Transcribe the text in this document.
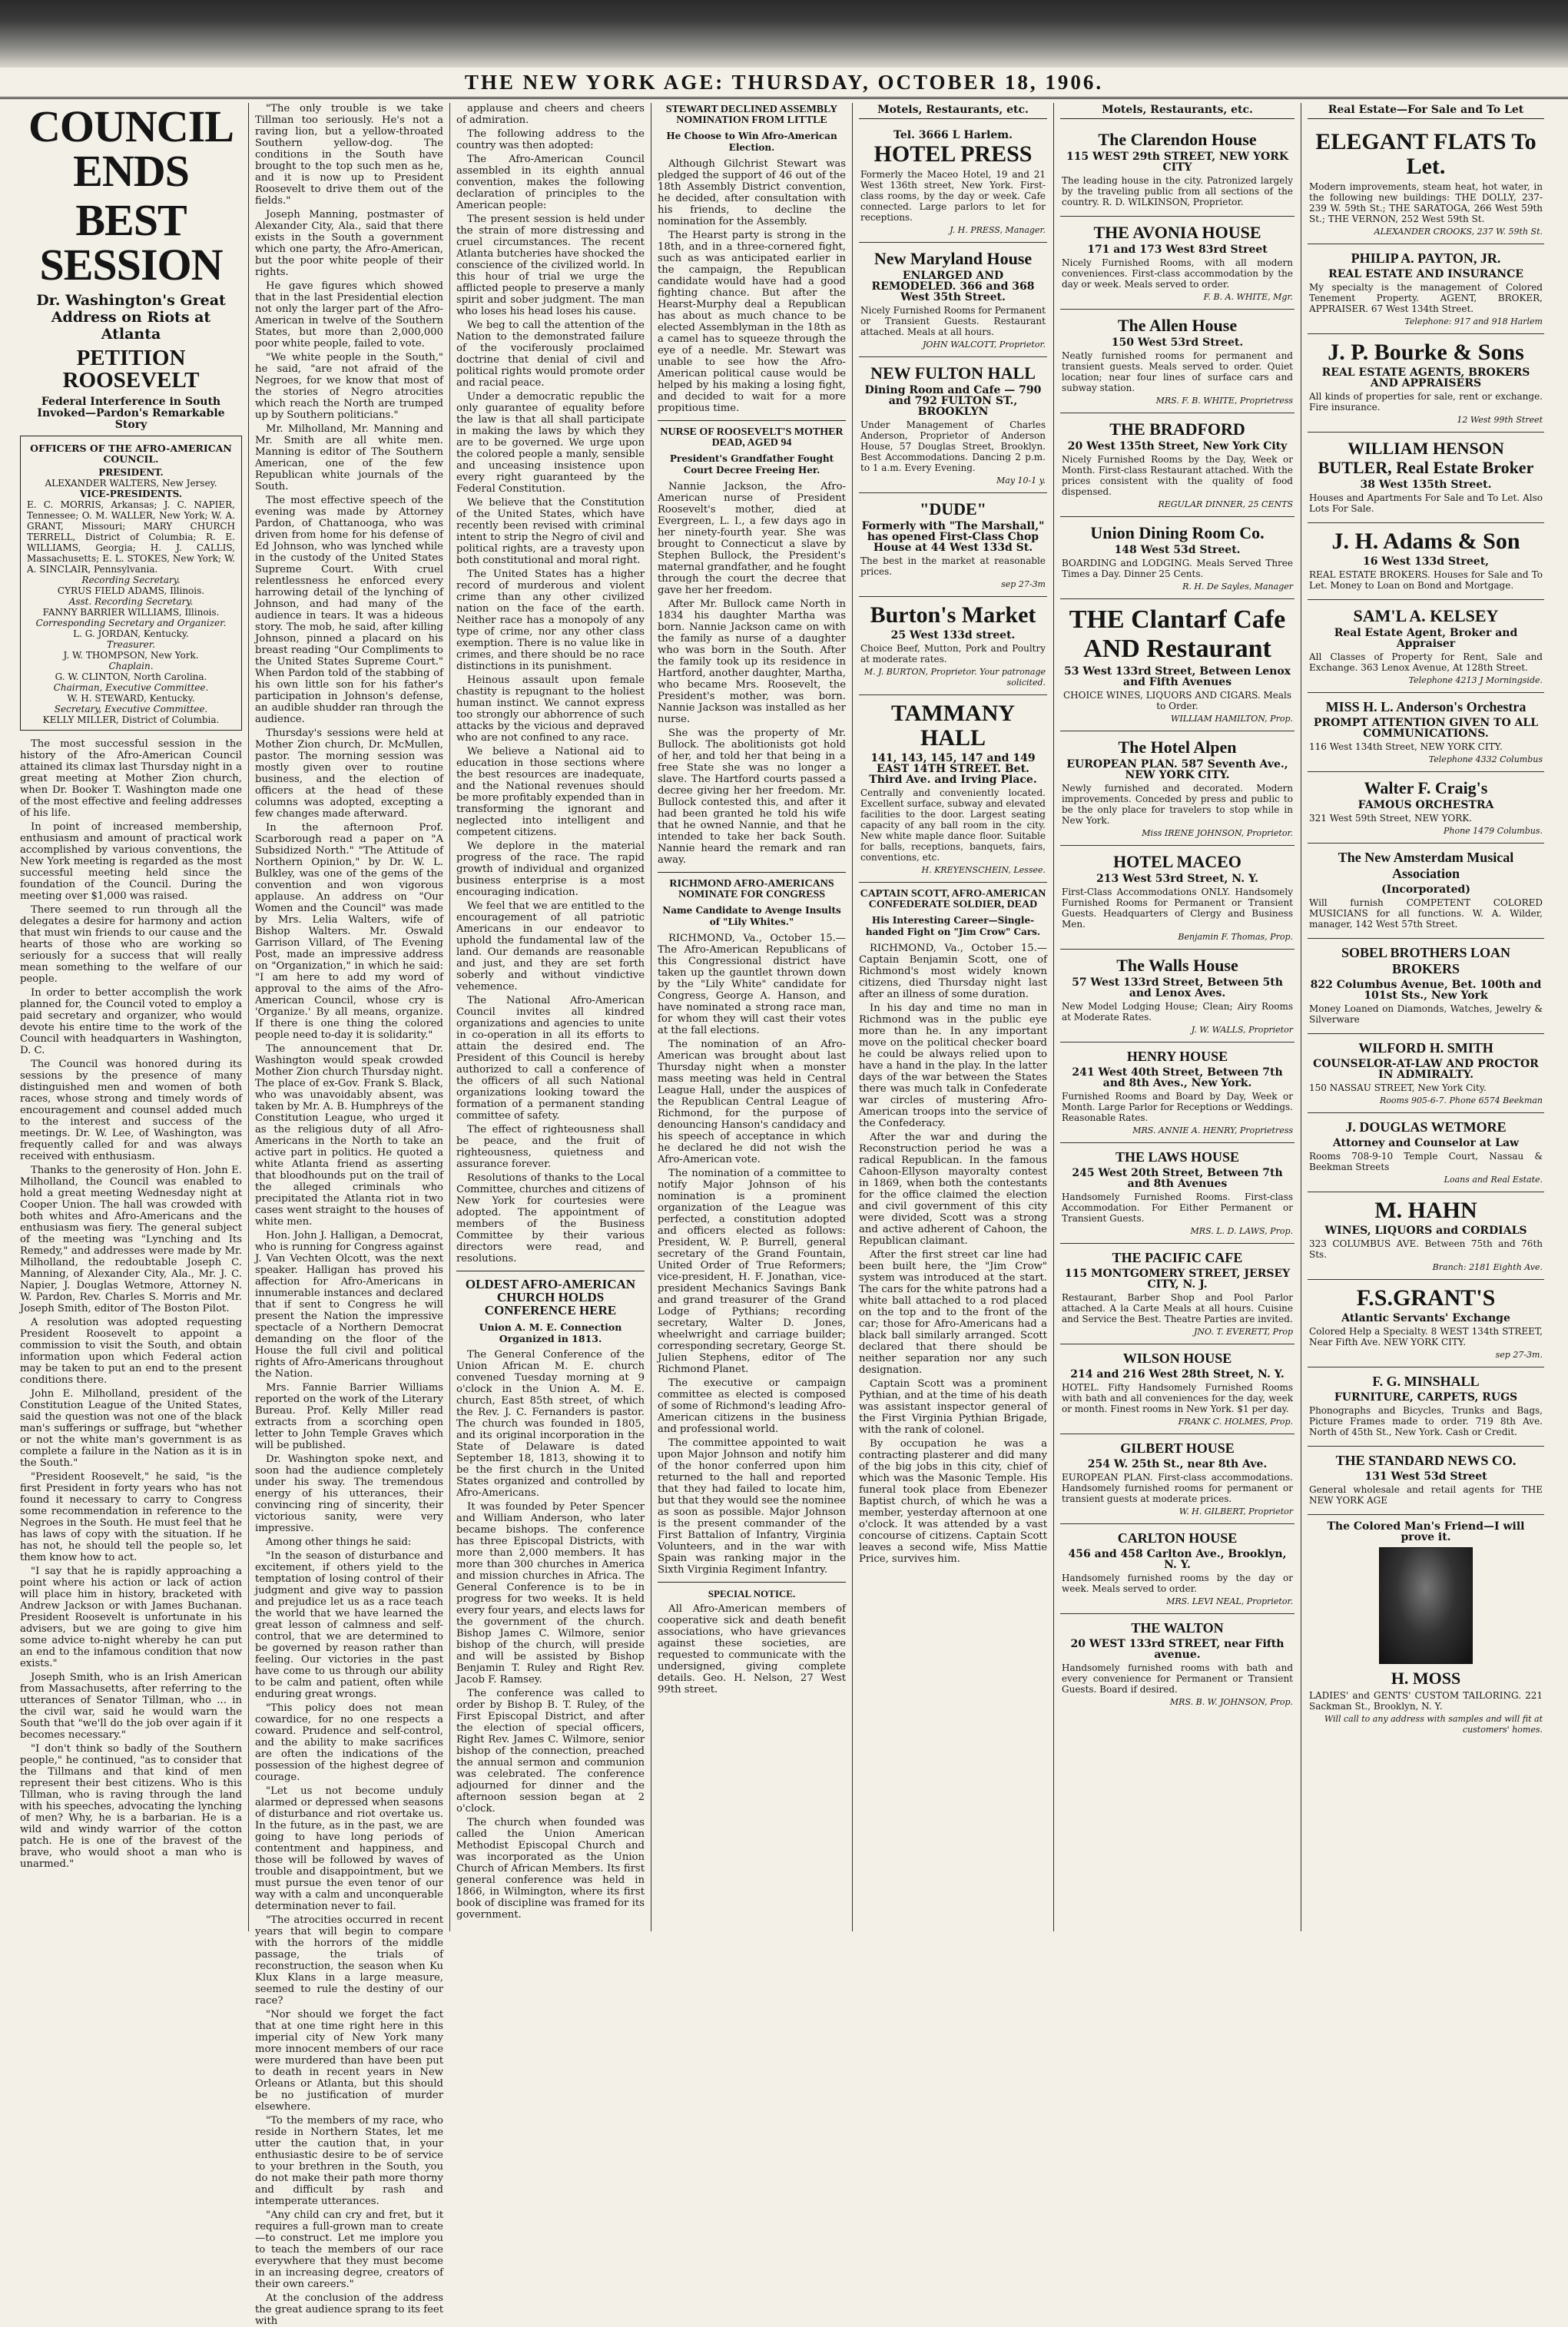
THE NEW YORK AGE: THURSDAY, OCTOBER 18, 1906.
COUNCIL ENDS
BEST SESSION
Dr. Washington's Great Address on Riots at Atlanta
PETITION ROOSEVELT
Federal Interference in South Invoked—Pardon's Remarkable Story
OFFICERS OF THE AFRO-AMERICAN COUNCIL.
PRESIDENT.
ALEXANDER WALTERS, New Jersey.
VICE-PRESIDENTS.
E. C. MORRIS, Arkansas; J. C. NAPIER, Tennessee; O. M. WALLER, New York; W. A. GRANT, Missouri; MARY CHURCH TERRELL, District of Columbia; R. E. WILLIAMS, Georgia; H. J. CALLIS, Massachusetts; E. L. STOKES, New York; W. A. SINCLAIR, Pennsylvania.
Recording Secretary.
CYRUS FIELD ADAMS, Illinois.
Asst. Recording Secretary.
FANNY BARRIER WILLIAMS, Illinois.
Corresponding Secretary and Organizer.
L. G. JORDAN, Kentucky.
Treasurer.
J. W. THOMPSON, New York.
Chaplain.
G. W. CLINTON, North Carolina.
Chairman, Executive Committee.
W. H. STEWARD, Kentucky.
Secretary, Executive Committee.
KELLY MILLER, District of Columbia.

The most successful session in the history of the Afro-American Council attained its climax last Thursday night in a great meeting at Mother Zion church, when Dr. Booker T. Washington made one of the most effective and feeling addresses of his life.

In point of increased membership, enthusiasm and amount of practical work accomplished by various conventions, the New York meeting is regarded as the most successful meeting held since the foundation of the Council. During the meeting over $1,000 was raised.

There seemed to run through all the delegates a desire for harmony and action that must win friends to our cause and the hearts of those who are working so seriously for a success that will really mean something to the welfare of our people.

In order to better accomplish the work planned for, the Council voted to employ a paid secretary and organizer, who would devote his entire time to the work of the Council with headquarters in Washington, D. C.

The Council was honored during its sessions by the presence of many distinguished men and women of both races, whose strong and timely words of encouragement and counsel added much to the interest and success of the meetings. Dr. W. Lee, of Washington, was frequently called for and was always received with enthusiasm.

Thanks to the generosity of Hon. John E. Milholland, the Council was enabled to hold a great meeting Wednesday night at Cooper Union. The hall was crowded with both whites and Afro-Americans and the enthusiasm was fiery. The general subject of the meeting was "Lynching and Its Remedy," and addresses were made by Mr. Milholland, the redoubtable Joseph C. Manning, of Alexander City, Ala., Mr. J. C. Napier, J. Douglas Wetmore, Attorney N. W. Pardon, Rev. Charles S. Morris and Mr. Joseph Smith, editor of The Boston Pilot.

A resolution was adopted requesting President Roosevelt to appoint a commission to visit the South, and obtain information upon which Federal action may be taken to put an end to the present conditions there.

John E. Milholland, president of the Constitution League of the United States, said the question was not one of the black man's sufferings or suffrage, but "whether or not the white man's government is as complete a failure in the Nation as it is in the South."

"President Roosevelt," he said, "is the first President in forty years who has not found it necessary to carry to Congress some recommendation in reference to the Negroes in the South. He must feel that he has laws of copy with the situation. If he has not, he should tell the people so, let them know how to act.

"I say that he is rapidly approaching a point where his action or lack of action will place him in history, bracketed with Andrew Jackson or with James Buchanan. President Roosevelt is unfortunate in his advisers, but we are going to give him some advice to-night whereby he can put an end to the infamous condition that now exists."

Joseph Smith, who is an Irish American from Massachusetts, after referring to the utterances of Senator Tillman, who ... in the civil war, said he would warn the South that "we'll do the job over again if it becomes necessary."

"I don't think so badly of the Southern people," he continued, "as to consider that the Tillmans and that kind of men represent their best citizens. Who is this Tillman, who is raving through the land with his speeches, advocating the lynching of men? Why, he is a barbarian. He is a wild and windy warrior of the cotton patch. He is one of the bravest of the brave, who would shoot a man who is unarmed."

"The only trouble is we take Tillman too seriously. He's not a raving lion, but a yellow-throated Southern yellow-dog. The conditions in the South have brought to the top such men as he, and it is now up to President Roosevelt to drive them out of the fields."

Joseph Manning, postmaster of Alexander City, Ala., said that there exists in the South a government which one party, the Afro-American, but the poor white people of their rights.

He gave figures which showed that in the last Presidential election not only the larger part of the Afro-American in twelve of the Southern States, but more than 2,000,000 poor white people, failed to vote.

"We white people in the South," he said, "are not afraid of the Negroes, for we know that most of the stories of Negro atrocities which reach the North are trumped up by Southern politicians."

Mr. Milholland, Mr. Manning and Mr. Smith are all white men. Manning is editor of The Southern American, one of the few Republican white journals of the South.

The most effective speech of the evening was made by Attorney Pardon, of Chattanooga, who was driven from home for his defense of Ed Johnson, who was lynched while in the custody of the United States Supreme Court. With cruel relentlessness he enforced every harrowing detail of the lynching of Johnson, and had many of the audience in tears. It was a hideous story. The mob, he said, after killing Johnson, pinned a placard on his breast reading "Our Compliments to the United States Supreme Court." When Pardon told of the stabbing of his own little son for his father's participation in Johnson's defense, an audible shudder ran through the audience.

Thursday's sessions were held at Mother Zion church, Dr. McMullen, pastor. The morning session was mostly given over to routine business, and the election of officers at the head of these columns was adopted, excepting a few changes made afterward.

In the afternoon Prof. Scarborough read a paper on "A Subsidized North." "The Attitude of Northern Opinion," by Dr. W. L. Bulkley, was one of the gems of the convention and won vigorous applause. An address on "Our Women and the Council" was made by Mrs. Lelia Walters, wife of Bishop Walters. Mr. Oswald Garrison Villard, of The Evening Post, made an impressive address on "Organization," in which he said: "I am here to add my word of approval to the aims of the Afro-American Council, whose cry is 'Organize.' By all means, organize. If there is one thing the colored people need to-day it is solidarity."

The announcement that Dr. Washington would speak crowded Mother Zion church Thursday night. The place of ex-Gov. Frank S. Black, who was unavoidably absent, was taken by Mr. A. B. Humphreys of the Constitution League, who urged it as the religious duty of all Afro-Americans in the North to take an active part in politics. He quoted a white Atlanta friend as asserting that bloodhounds put on the trail of the alleged criminals who precipitated the Atlanta riot in two cases went straight to the houses of white men.

Hon. John J. Halligan, a Democrat, who is running for Congress against J. Van Vechten Olcott, was the next speaker. Halligan has proved his affection for Afro-Americans in innumerable instances and declared that if sent to Congress he will present the Nation the impressive spectacle of a Northern Democrat demanding on the floor of the House the full civil and political rights of Afro-Americans throughout the Nation.

Mrs. Fannie Barrier Williams reported on the work of the Literary Bureau. Prof. Kelly Miller read extracts from a scorching open letter to John Temple Graves which will be published.

Dr. Washington spoke next, and soon had the audience completely under his sway. The tremendous energy of his utterances, their convincing ring of sincerity, their victorious sanity, were very impressive.

Among other things he said:

"In the season of disturbance and excitement, if others yield to the temptation of losing control of their judgment and give way to passion and prejudice let us as a race teach the world that we have learned the great lesson of calmness and self-control, that we are determined to be governed by reason rather than feeling. Our victories in the past have come to us through our ability to be calm and patient, often while enduring great wrongs.

"This policy does not mean cowardice, for no one respects a coward. Prudence and self-control, and the ability to make sacrifices are often the indications of the possession of the highest degree of courage.

"Let us not become unduly alarmed or depressed when seasons of disturbance and riot overtake us. In the future, as in the past, we are going to have long periods of contentment and happiness, and those will be followed by waves of trouble and disappointment, but we must pursue the even tenor of our way with a calm and unconquerable determination never to fail.

"The atrocities occurred in recent years that will begin to compare with the horrors of the middle passage, the trials of reconstruction, the season when Ku Klux Klans in a large measure, seemed to rule the destiny of our race?

"Nor should we forget the fact that at one time right here in this imperial city of New York many more innocent members of our race were murdered than have been put to death in recent years in New Orleans or Atlanta, but this should be no justification of murder elsewhere.

"To the members of my race, who reside in Northern States, let me utter the caution that, in your enthusiastic desire to be of service to your brethren in the South, you do not make their path more thorny and difficult by rash and intemperate utterances.

"Any child can cry and fret, but it requires a full-grown man to create—to construct. Let me implore you to teach the members of our race everywhere that they must become in an increasing degree, creators of their own careers."

At the conclusion of the address the great audience sprang to its feet with

applause and cheers and cheers of admiration.

The following address to the country was then adopted:

The Afro-American Council assembled in its eighth annual convention, makes the following declaration of principles to the American people:

The present session is held under the strain of more distressing and cruel circumstances. The recent Atlanta butcheries have shocked the conscience of the civilized world. In this hour of trial we urge the afflicted people to preserve a manly spirit and sober judgment. The man who loses his head loses his cause.

We beg to call the attention of the Nation to the demonstrated failure of the vociferously proclaimed doctrine that denial of civil and political rights would promote order and racial peace.

Under a democratic republic the only guarantee of equality before the law is that all shall participate in making the laws by which they are to be governed. We urge upon the colored people a manly, sensible and unceasing insistence upon every right guaranteed by the Federal Constitution.

We believe that the Constitution of the United States, which have recently been revised with criminal intent to strip the Negro of civil and political rights, are a travesty upon both constitutional and moral right.

The United States has a higher record of murderous and violent crime than any other civilized nation on the face of the earth. Neither race has a monopoly of any type of crime, nor any other class exemption. There is no value like in crimes, and there should be no race distinctions in its punishment.

Heinous assault upon female chastity is repugnant to the holiest human instinct. We cannot express too strongly our abhorrence of such attacks by the vicious and depraved who are not confined to any race.

We believe a National aid to education in those sections where the best resources are inadequate, and the National revenues should be more profitably expended than in transforming the ignorant and neglected into intelligent and competent citizens.

We deplore in the material progress of the race. The rapid growth of individual and organized business enterprise is a most encouraging indication.

We feel that we are entitled to the encouragement of all patriotic Americans in our endeavor to uphold the fundamental law of the land. Our demands are reasonable and just, and they are set forth soberly and without vindictive vehemence.

The National Afro-American Council invites all kindred organizations and agencies to unite in co-operation in all its efforts to attain the desired end. The President of this Council is hereby authorized to call a conference of the officers of all such National organizations looking toward the formation of a permanent standing committee of safety.

The effect of righteousness shall be peace, and the fruit of righteousness, quietness and assurance forever.

Resolutions of thanks to the Local Committee, churches and citizens of New York for courtesies were adopted. The appointment of members of the Business Committee by their various directors were read, and resolutions.

OLDEST AFRO-AMERICAN CHURCH HOLDS CONFERENCE HERE
Union A. M. E. Connection Organized in 1813.

The General Conference of the Union African M. E. church convened Tuesday morning at 9 o'clock in the Union A. M. E. church, East 85th street, of which the Rev. J. C. Fernanders is pastor. The church was founded in 1805, and its original incorporation in the State of Delaware is dated September 18, 1813, showing it to be the first church in the United States organized and controlled by Afro-Americans.

It was founded by Peter Spencer and William Anderson, who later became bishops. The conference has three Episcopal Districts, with more than 2,000 members. It has more than 300 churches in America and mission churches in Africa. The General Conference is to be in progress for two weeks. It is held every four years, and elects laws for the government of the church. Bishop James C. Wilmore, senior bishop of the church, will preside and will be assisted by Bishop Benjamin T. Ruley and Right Rev. Jacob F. Ramsey.

The conference was called to order by Bishop B. T. Ruley, of the First Episcopal District, and after the election of special officers, Right Rev. James C. Wilmore, senior bishop of the connection, preached the annual sermon and communion was celebrated. The conference adjourned for dinner and the afternoon session began at 2 o'clock.

The church when founded was called the Union American Methodist Episcopal Church and was incorporated as the Union Church of African Members. Its first general conference was held in 1866, in Wilmington, where its first book of discipline was framed for its government.

STEWART DECLINED ASSEMBLY NOMINATION FROM LITTLE
He Choose to Win Afro-American Election.

Although Gilchrist Stewart was pledged the support of 46 out of the 18th Assembly District convention, he decided, after consultation with his friends, to decline the nomination for the Assembly.

The Hearst party is strong in the 18th, and in a three-cornered fight, such as was anticipated earlier in the campaign, the Republican candidate would have had a good fighting chance. But after the Hearst-Murphy deal a Republican has about as much chance to be elected Assemblyman in the 18th as a camel has to squeeze through the eye of a needle. Mr. Stewart was unable to see how the Afro-American political cause would be helped by his making a losing fight, and decided to wait for a more propitious time.

NURSE OF ROOSEVELT'S MOTHER DEAD, AGED 94
President's Grandfather Fought Court Decree Freeing Her.

Nannie Jackson, the Afro-American nurse of President Roosevelt's mother, died at Evergreen, L. I., a few days ago in her ninety-fourth year. She was brought to Connecticut a slave by Stephen Bullock, the President's maternal grandfather, and he fought through the court the decree that gave her her freedom.

After Mr. Bullock came North in 1834 his daughter Martha was born. Nannie Jackson came on with the family as nurse of a daughter who was born in the South. After the family took up its residence in Hartford, another daughter, Martha, who became Mrs. Roosevelt, the President's mother, was born. Nannie Jackson was installed as her nurse.

She was the property of Mr. Bullock. The abolitionists got hold of her, and told her that being in a free State she was no longer a slave. The Hartford courts passed a decree giving her her freedom. Mr. Bullock contested this, and after it had been granted he told his wife that he owned Nannie, and that he intended to take her back South. Nannie heard the remark and ran away.

RICHMOND AFRO-AMERICANS NOMINATE FOR CONGRESS
Name Candidate to Avenge Insults of "Lily Whites."

RICHMOND, Va., October 15.—The Afro-American Republicans of this Congressional district have taken up the gauntlet thrown down by the "Lily White" candidate for Congress, George A. Hanson, and have nominated a strong race man, for whom they will cast their votes at the fall elections.

The nomination of an Afro-American was brought about last Thursday night when a monster mass meeting was held in Central League Hall, under the auspices of the Republican Central League of Richmond, for the purpose of denouncing Hanson's candidacy and his speech of acceptance in which he declared he did not wish the Afro-American vote.

The nomination of a committee to notify Major Johnson of his nomination is a prominent organization of the League was perfected, a constitution adopted and officers elected as follows: President, W. P. Burrell, general secretary of the Grand Fountain, United Order of True Reformers; vice-president, H. F. Jonathan, vice-president Mechanics Savings Bank and grand treasurer of the Grand Lodge of Pythians; recording secretary, Walter D. Jones, wheelwright and carriage builder; corresponding secretary, George St. Julien Stephens, editor of The Richmond Planet.

The executive or campaign committee as elected is composed of some of Richmond's leading Afro-American citizens in the business and professional world.

The committee appointed to wait upon Major Johnson and notify him of the honor conferred upon him returned to the hall and reported that they had failed to locate him, but that they would see the nominee as soon as possible. Major Johnson is the present commander of the First Battalion of Infantry, Virginia Volunteers, and in the war with Spain was ranking major in the Sixth Virginia Regiment Infantry.

SPECIAL NOTICE.

All Afro-American members of cooperative sick and death benefit associations, who have grievances against these societies, are requested to communicate with the undersigned, giving complete details. Geo. H. Nelson, 27 West 99th street.

Motels, Restaurants, etc.
Tel. 3666 L Harlem.
HOTEL PRESS
Formerly the Maceo Hotel, 19 and 21 West 136th street, New York. First-class rooms, by the day or week. Cafe connected. Large parlors to let for receptions.
J. H. PRESS, Manager.
New Maryland House
ENLARGED AND REMODELED. 366 and 368 West 35th Street.
Nicely Furnished Rooms for Permanent or Transient Guests. Restaurant attached. Meals at all hours.
JOHN WALCOTT, Proprietor.
NEW FULTON HALL
Dining Room and Cafe — 790 and 792 FULTON ST., BROOKLYN
Under Management of Charles Anderson, Proprietor of Anderson House, 57 Douglas Street, Brooklyn. Best Accommodations. Dancing 2 p.m. to 1 a.m. Every Evening.
May 10-1 y.
"DUDE"
Formerly with "The Marshall," has opened First-Class Chop House at 44 West 133d St.
The best in the market at reasonable prices.
sep 27-3m
Burton's Market
25 West 133d street.
Choice Beef, Mutton, Pork and Poultry at moderate rates.
M. J. BURTON, Proprietor. Your patronage solicited.
TAMMANY HALL
141, 143, 145, 147 and 149 EAST 14TH STREET. Bet. Third Ave. and Irving Place.
Centrally and conveniently located. Excellent surface, subway and elevated facilities to the door. Largest seating capacity of any ball room in the city. New white maple dance floor. Suitable for balls, receptions, banquets, fairs, conventions, etc.
H. KREYENSCHEIN, Lessee.
CAPTAIN SCOTT, AFRO-AMERICAN CONFEDERATE SOLDIER, DEAD
His Interesting Career—Single-handed Fight on "Jim Crow" Cars.

RICHMOND, Va., October 15.—Captain Benjamin Scott, one of Richmond's most widely known citizens, died Thursday night last after an illness of some duration.

In his day and time no man in Richmond was in the public eye more than he. In any important move on the political checker board he could be always relied upon to have a hand in the play. In the latter days of the war between the States there was much talk in Confederate war circles of mustering Afro-American troops into the service of the Confederacy.

After the war and during the Reconstruction period he was a radical Republican. In the famous Cahoon-Ellyson mayoralty contest in 1869, when both the contestants for the office claimed the election and civil government of this city were divided, Scott was a strong and active adherent of Cahoon, the Republican claimant.

After the first street car line had been built here, the "Jim Crow" system was introduced at the start. The cars for the white patrons had a white ball attached to a rod placed on the top and to the front of the car; those for Afro-Americans had a black ball similarly arranged. Scott declared that there should be neither separation nor any such designation.

Captain Scott was a prominent Pythian, and at the time of his death was assistant inspector general of the First Virginia Pythian Brigade, with the rank of colonel.

By occupation he was a contracting plasterer and did many of the big jobs in this city, chief of which was the Masonic Temple. His funeral took place from Ebenezer Baptist church, of which he was a member, yesterday afternoon at one o'clock. It was attended by a vast concourse of citizens. Captain Scott leaves a second wife, Miss Mattie Price, survives him.

Motels, Restaurants, etc.
The Clarendon House
115 WEST 29th STREET, NEW YORK CITY
The leading house in the city. Patronized largely by the traveling public from all sections of the country. R. D. WILKINSON, Proprietor.
THE AVONIA HOUSE
171 and 173 West 83rd Street
Nicely Furnished Rooms, with all modern conveniences. First-class accommodation by the day or week. Meals served to order.
F. B. A. WHITE, Mgr.
The Allen House
150 West 53rd Street.
Neatly furnished rooms for permanent and transient guests. Meals served to order. Quiet location; near four lines of surface cars and subway station.
MRS. F. B. WHITE, Proprietress
THE BRADFORD
20 West 135th Street, New York City
Nicely Furnished Rooms by the Day, Week or Month. First-class Restaurant attached. With the prices consistent with the quality of food dispensed.
REGULAR DINNER, 25 CENTS
Union Dining Room Co.
148 West 53d Street.
BOARDING and LODGING. Meals Served Three Times a Day. Dinner 25 Cents.
R. H. De Sayles, Manager
THE Clantarf Cafe AND Restaurant
53 West 133rd Street, Between Lenox and Fifth Avenues
CHOICE WINES, LIQUORS AND CIGARS. Meals to Order.
WILLIAM HAMILTON, Prop.
The Hotel Alpen
EUROPEAN PLAN. 587 Seventh Ave., NEW YORK CITY.
Newly furnished and decorated. Modern improvements. Conceded by press and public to be the only place for travelers to stop while in New York.
Miss IRENE JOHNSON, Proprietor.
HOTEL MACEO
213 West 53rd Street, N. Y.
First-Class Accommodations ONLY. Handsomely Furnished Rooms for Permanent or Transient Guests. Headquarters of Clergy and Business Men.
Benjamin F. Thomas, Prop.
The Walls House
57 West 133rd Street, Between 5th and Lenox Aves.
New Model Lodging House; Clean; Airy Rooms at Moderate Rates.
J. W. WALLS, Proprietor
HENRY HOUSE
241 West 40th Street, Between 7th and 8th Aves., New York.
Furnished Rooms and Board by Day, Week or Month. Large Parlor for Receptions or Weddings. Reasonable Rates.
MRS. ANNIE A. HENRY, Proprietress
THE LAWS HOUSE
245 West 20th Street, Between 7th and 8th Avenues
Handsomely Furnished Rooms. First-class Accommodation. For Either Permanent or Transient Guests.
MRS. L. D. LAWS, Prop.
THE PACIFIC CAFE
115 MONTGOMERY STREET, JERSEY CITY, N. J.
Restaurant, Barber Shop and Pool Parlor attached. A la Carte Meals at all hours. Cuisine and Service the Best. Theatre Parties are invited.
JNO. T. EVERETT, Prop
WILSON HOUSE
214 and 216 West 28th Street, N. Y.
HOTEL. Fifty Handsomely Furnished Rooms with bath and all conveniences for the day, week or month. Finest rooms in New York. $1 per day.
FRANK C. HOLMES, Prop.
GILBERT HOUSE
254 W. 25th St., near 8th Ave.
EUROPEAN PLAN. First-class accommodations. Handsomely furnished rooms for permanent or transient guests at moderate prices.
W. H. GILBERT, Proprietor
CARLTON HOUSE
456 and 458 Carlton Ave., Brooklyn, N. Y.
Handsomely furnished rooms by the day or week. Meals served to order.
MRS. LEVI NEAL, Proprietor.
THE WALTON
20 WEST 133rd STREET, near Fifth avenue.
Handsomely furnished rooms with bath and every convenience for Permanent or Transient Guests. Board if desired.
MRS. B. W. JOHNSON, Prop.
Real Estate—For Sale and To Let
ELEGANT FLATS To Let.
Modern improvements, steam heat, hot water, in the following new buildings: THE DOLLY, 237-239 W. 59th St.; THE SARATOGA, 266 West 59th St.; THE VERNON, 252 West 59th St.
ALEXANDER CROOKS, 237 W. 59th St.
PHILIP A. PAYTON, JR.
REAL ESTATE AND INSURANCE
My specialty is the management of Colored Tenement Property. AGENT, BROKER, APPRAISER. 67 West 134th Street.
Telephone: 917 and 918 Harlem
J. P. Bourke & Sons
REAL ESTATE AGENTS, BROKERS AND APPRAISERS
All kinds of properties for sale, rent or exchange. Fire insurance.
12 West 99th Street
WILLIAM HENSON BUTLER, Real Estate Broker
38 West 135th Street.
Houses and Apartments For Sale and To Let. Also Lots For Sale.
J. H. Adams & Son
16 West 133d Street,
REAL ESTATE BROKERS. Houses for Sale and To Let. Money to Loan on Bond and Mortgage.
SAM'L A. KELSEY
Real Estate Agent, Broker and Appraiser
All Classes of Property for Rent, Sale and Exchange. 363 Lenox Avenue, At 128th Street.
Telephone 4213 J Morningside.
MISS H. L. Anderson's Orchestra
PROMPT ATTENTION GIVEN TO ALL COMMUNICATIONS.
116 West 134th Street, NEW YORK CITY.
Telephone 4332 Columbus
Walter F. Craig's
FAMOUS ORCHESTRA
321 West 59th Street, NEW YORK.
Phone 1479 Columbus.
The New Amsterdam Musical Association
(Incorporated)
Will furnish COMPETENT COLORED MUSICIANS for all functions. W. A. Wilder, manager, 142 West 57th Street.
SOBEL BROTHERS LOAN BROKERS
822 Columbus Avenue, Bet. 100th and 101st Sts., New York
Money Loaned on Diamonds, Watches, Jewelry & Silverware
WILFORD H. SMITH
COUNSELOR-AT-LAW AND PROCTOR IN ADMIRALTY.
150 NASSAU STREET, New York City.
Rooms 905-6-7. Phone 6574 Beekman
J. DOUGLAS WETMORE
Attorney and Counselor at Law
Rooms 708-9-10 Temple Court, Nassau & Beekman Streets
Loans and Real Estate.
M. HAHN
WINES, LIQUORS and CORDIALS
323 COLUMBUS AVE. Between 75th and 76th Sts.
Branch: 2181 Eighth Ave.
F.S.GRANT'S
Atlantic Servants' Exchange
Colored Help a Specialty. 8 WEST 134th STREET, Near Fifth Ave. NEW YORK CITY.
sep 27-3m.
F. G. MINSHALL
FURNITURE, CARPETS, RUGS
Phonographs and Bicycles, Trunks and Bags, Picture Frames made to order. 719 8th Ave. North of 45th St., New York. Cash or Credit.
THE STANDARD NEWS CO.
131 West 53d Street
General wholesale and retail agents for THE NEW YORK AGE
The Colored Man's Friend—I will prove it.
H. MOSS
LADIES' and GENTS' CUSTOM TAILORING. 221 Sackman St., Brooklyn, N. Y.
Will call to any address with samples and will fit at customers' homes.
